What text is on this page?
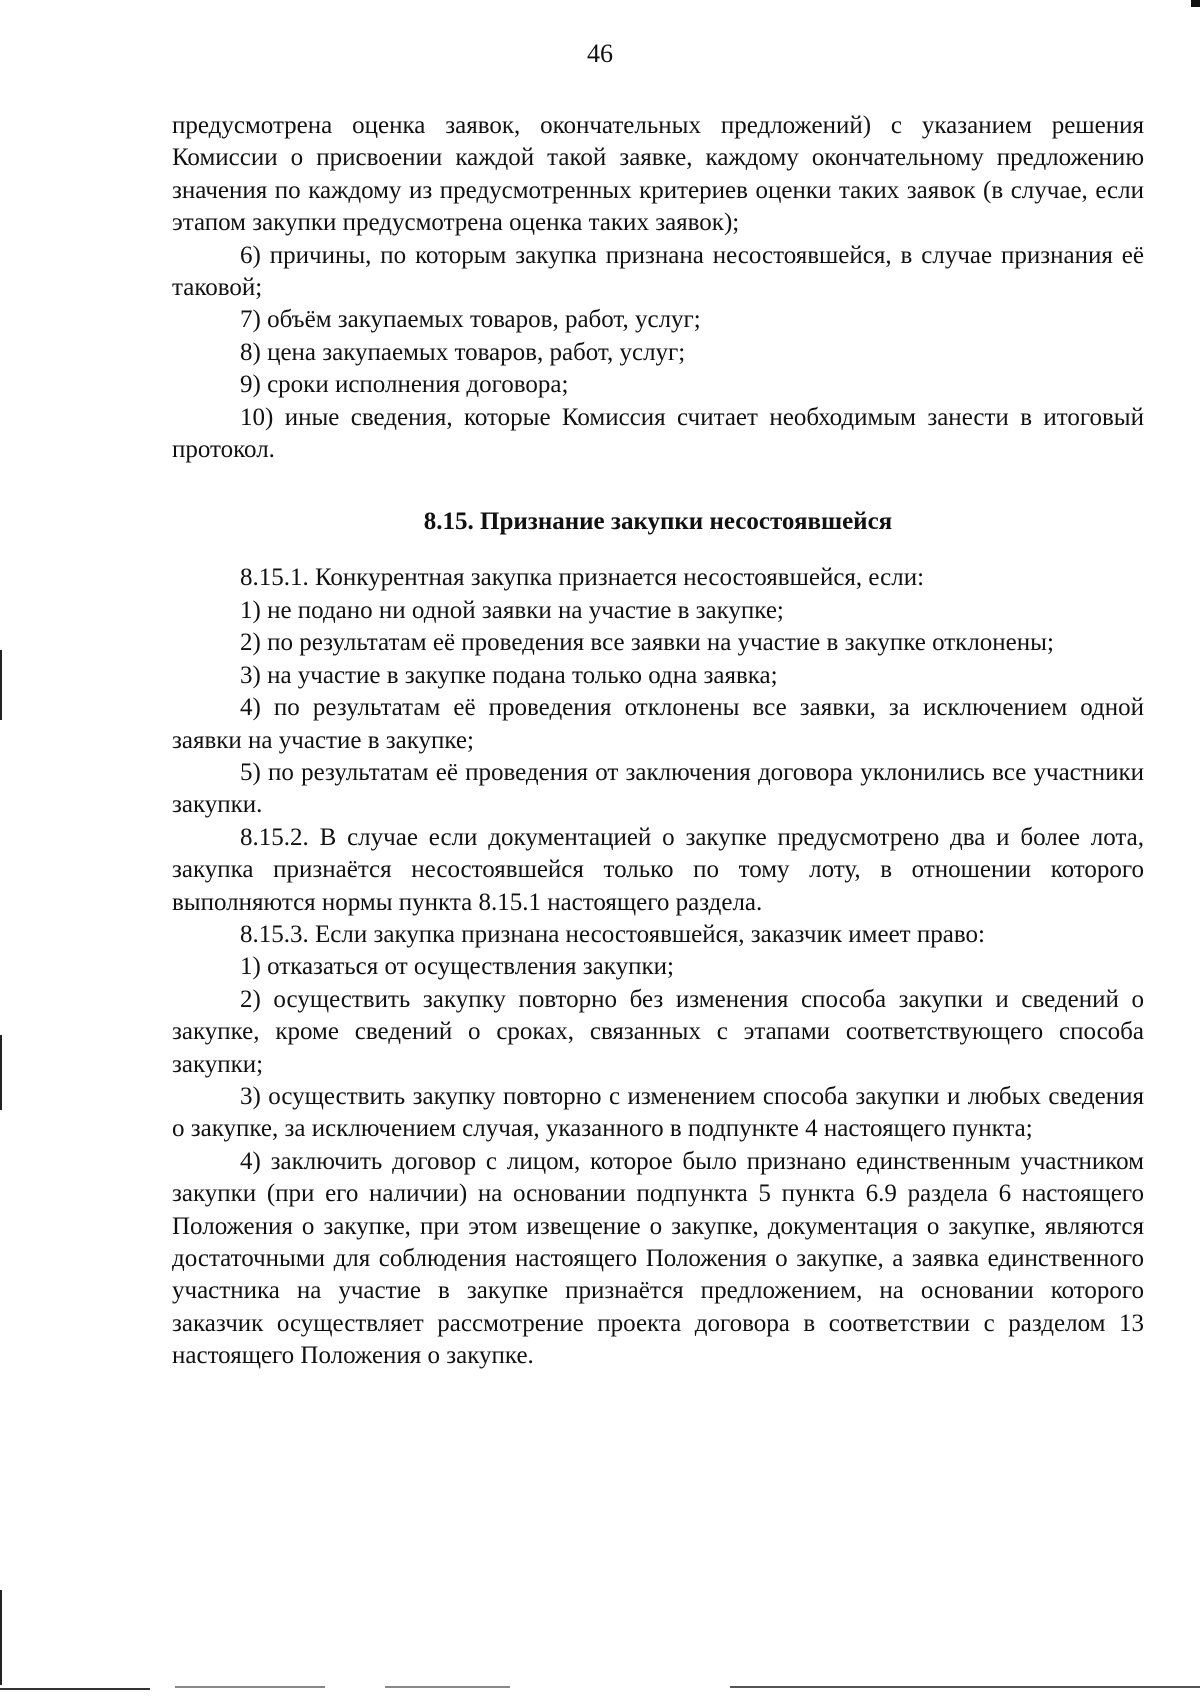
46

предусмотрена оценка заявок, окончательных предложений) с указанием решения Комиссии о присвоении каждой такой заявке, каждому окончательному предложению значения по каждому из предусмотренных критериев оценки таких заявок (в случае, если этапом закупки предусмотрена оценка таких заявок);

6) причины, по которым закупка признана несостоявшейся, в случае признания её таковой;

7) объём закупаемых товаров, работ, услуг;

8) цена закупаемых товаров, работ, услуг;

9) сроки исполнения договора;

10) иные сведения, которые Комиссия считает необходимым занести в итоговый протокол.

8.15. Признание закупки несостоявшейся

8.15.1. Конкурентная закупка признается несостоявшейся, если:

1) не подано ни одной заявки на участие в закупке;

2) по результатам её проведения все заявки на участие в закупке отклонены;

3) на участие в закупке подана только одна заявка;

4) по результатам её проведения отклонены все заявки, за исключением одной заявки на участие в закупке;

5) по результатам её проведения от заключения договора уклонились все участники закупки.

8.15.2. В случае если документацией о закупке предусмотрено два и более лота, закупка признаётся несостоявшейся только по тому лоту, в отношении которого выполняются нормы пункта 8.15.1 настоящего раздела.

8.15.3. Если закупка признана несостоявшейся, заказчик имеет право:

1) отказаться от осуществления закупки;

2) осуществить закупку повторно без изменения способа закупки и сведений о закупке, кроме сведений о сроках, связанных с этапами соответствующего способа закупки;

3) осуществить закупку повторно с изменением способа закупки и любых сведения о закупке, за исключением случая, указанного в подпункте 4 настоящего пункта;

4) заключить договор с лицом, которое было признано единственным участником закупки (при его наличии) на основании подпункта 5 пункта 6.9 раздела 6 настоящего Положения о закупке, при этом извещение о закупке, документация о закупке, являются достаточными для соблюдения настоящего Положения о закупке, а заявка единственного участника на участие в закупке признаётся предложением, на основании которого заказчик осуществляет рассмотрение проекта договора в соответствии с разделом 13 настоящего Положения о закупке.
